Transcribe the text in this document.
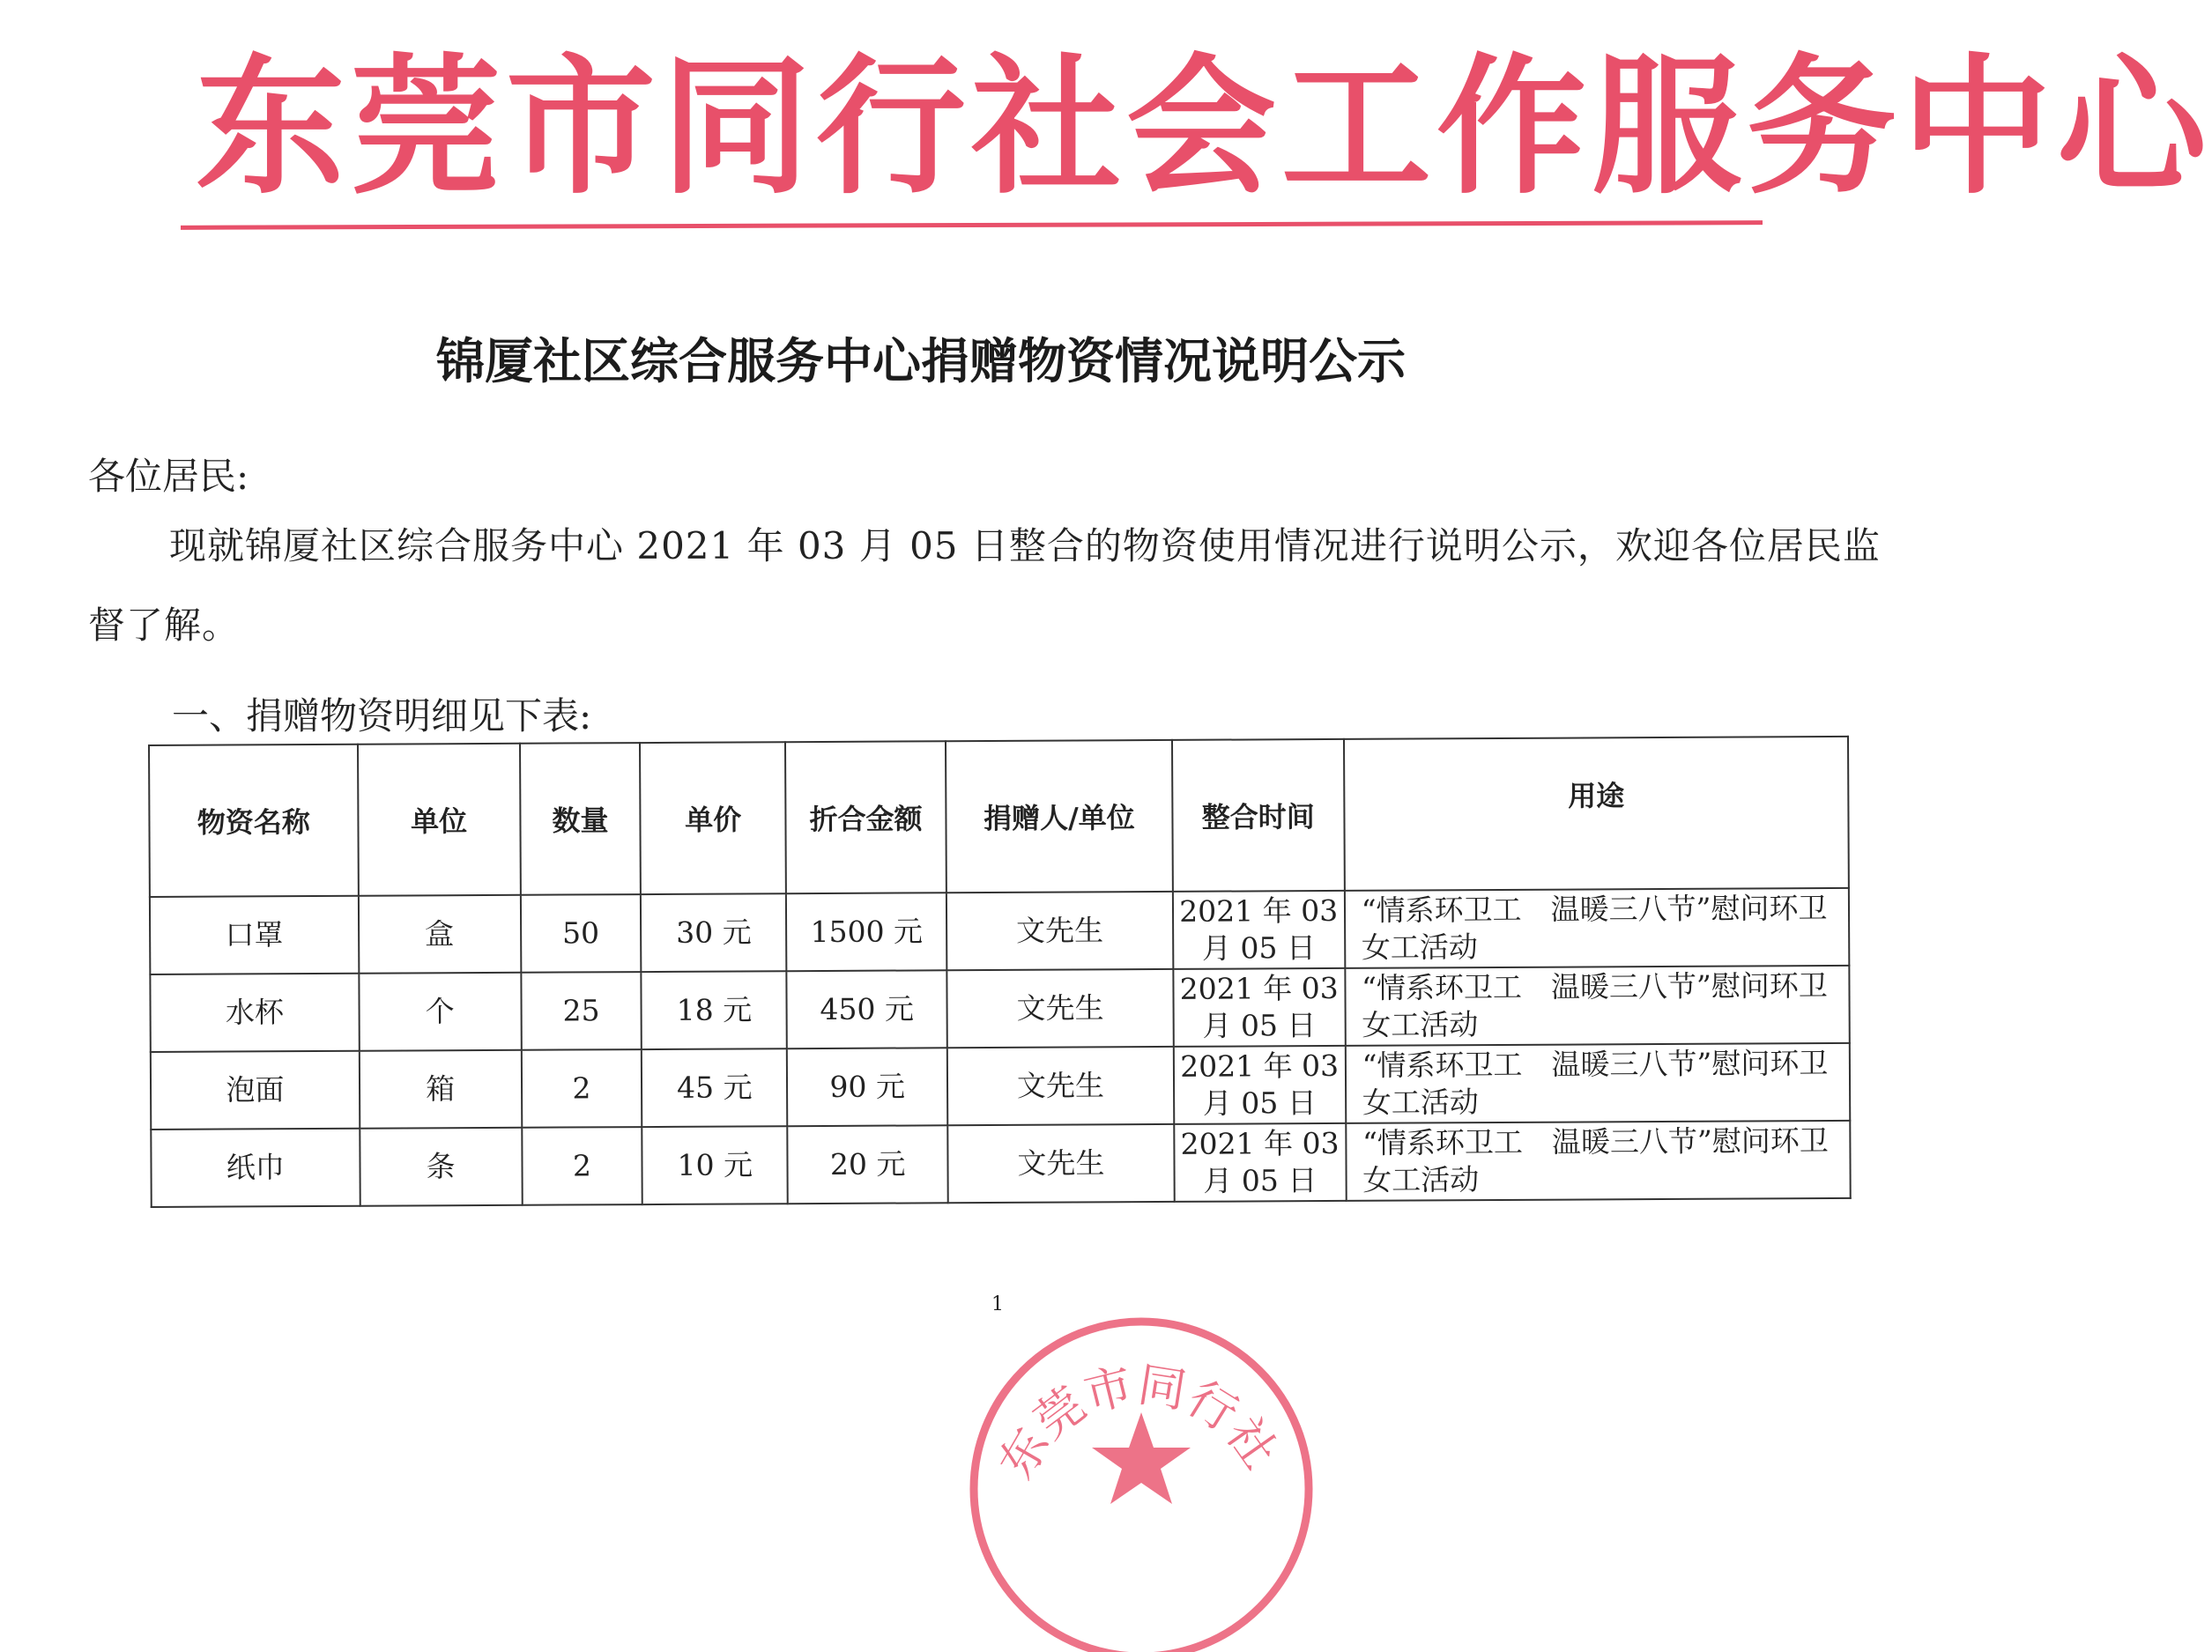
东莞市同行社会工作服务中心
锦厦社区综合服务中心捐赠物资情况说明公示
各位居民:
现就锦厦社区综合服务中心 2021 年 03 月 05 日整合的物资使用情况进行说明公示，欢迎各位居民监督了解。
一、捐赠物资明细见下表:
物资名称	单位	数量	单价	折合金额	捐赠人/单位	整合时间	用途
口罩	盒	50	30 元	1500 元	文先生	2021 年 03 月 05 日	“情系环卫工　温暖三八节”慰问环卫女工活动
水杯	个	25	18 元	450 元	文先生	2021 年 03 月 05 日	“情系环卫工　温暖三八节”慰问环卫女工活动
泡面	箱	2	45 元	90 元	文先生	2021 年 03 月 05 日	“情系环卫工　温暖三八节”慰问环卫女工活动
纸巾	条	2	10 元	20 元	文先生	2021 年 03 月 05 日	“情系环卫工　温暖三八节”慰问环卫女工活动
1
东莞市同行社
